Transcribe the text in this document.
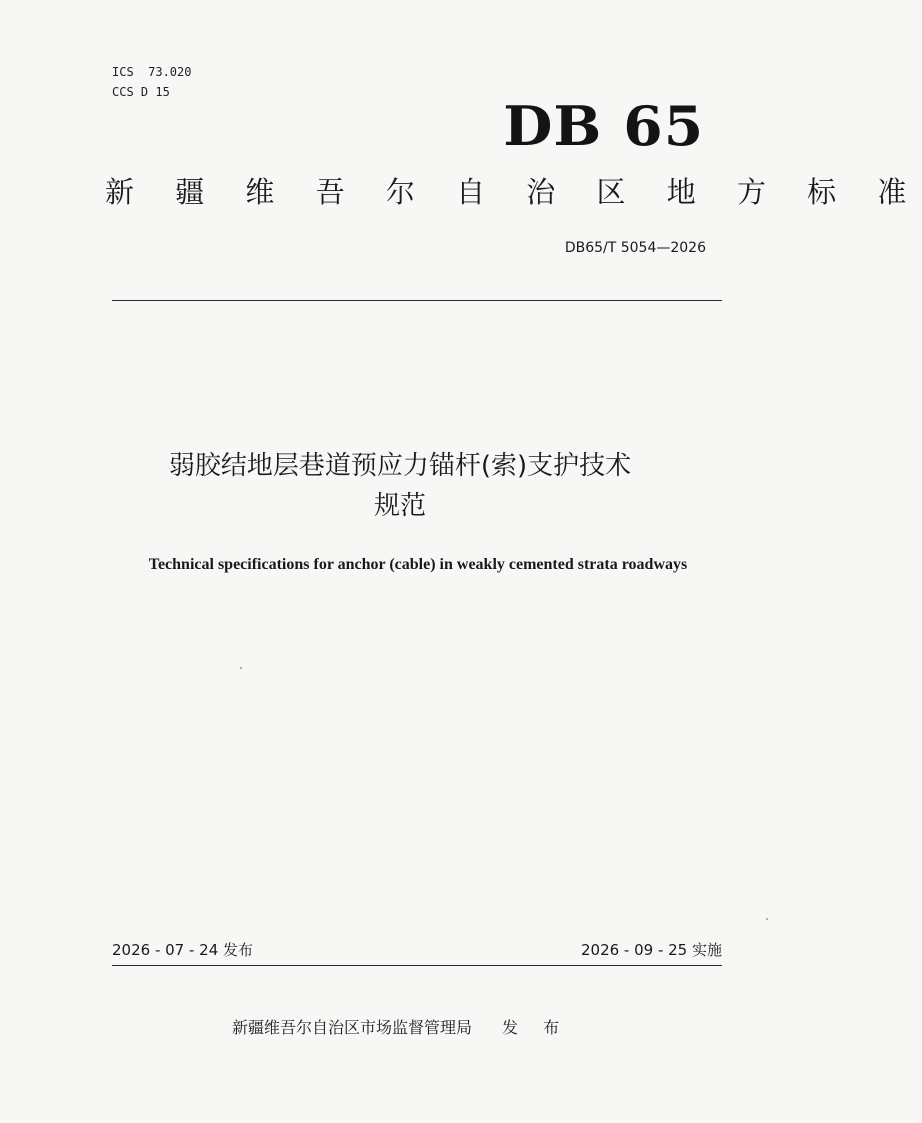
ICS  73.020
CCS D 15
DB 65
新 疆 维 吾 尔 自 治 区 地 方 标 准
DB65/T 5054—2026
弱胶结地层巷道预应力锚杆(索)支护技术
规范
Technical specifications for anchor (cable) in weakly cemented strata roadways
2026 - 07 - 24 发布	2026 - 09 - 25 实施
新疆维吾尔自治区市场监督管理局 发 布
